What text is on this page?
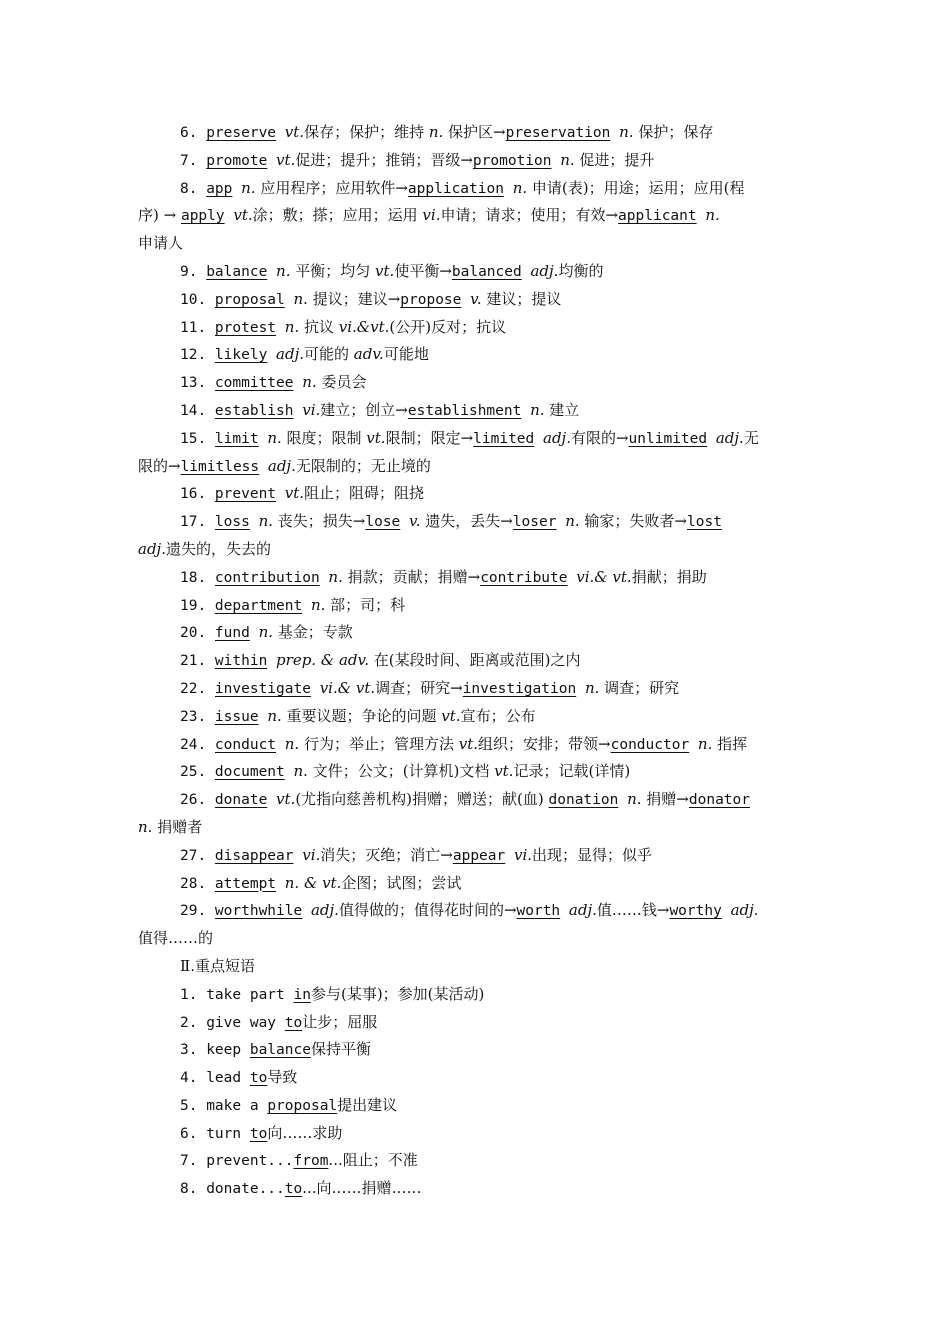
6. preserve vt.保存；保护；维持 n. 保护区→preservation n. 保护；保存
7. promote vt.促进；提升；推销；晋级→promotion n. 促进；提升
8. app n. 应用程序；应用软件→application n. 申请(表)；用途；运用；应用(程
序) → apply vt.涂；敷；搽；应用；运用 vi.申请；请求；使用；有效→applicant n.
申请人
9. balance n. 平衡；均匀 vt.使平衡→balanced adj.均衡的
10. proposal n. 提议；建议→propose v. 建议；提议
11. protest n. 抗议 vi.&vt.(公开)反对；抗议
12. likely adj.可能的 adv.可能地
13. committee n. 委员会
14. establish vi.建立；创立→establishment n. 建立
15. limit n. 限度；限制 vt.限制；限定→limited adj.有限的→unlimited adj.无
限的→limitless adj.无限制的；无止境的
16. prevent vt.阻止；阻碍；阻挠
17. loss n. 丧失；损失→lose v. 遗失，丢失→loser n. 输家；失败者→lost
adj.遗失的，失去的
18. contribution n. 捐款；贡献；捐赠→contribute vi.& vt.捐献；捐助
19. department n. 部；司；科
20. fund n. 基金；专款
21. within prep. & adv. 在(某段时间、距离或范围)之内
22. investigate vi.& vt.调查；研究→investigation n. 调查；研究
23. issue n. 重要议题；争论的问题 vt.宣布；公布
24. conduct n. 行为；举止；管理方法 vt.组织；安排；带领→conductor n. 指挥
25. document n. 文件；公文；(计算机)文档 vt.记录；记载(详情)
26. donate vt.(尤指向慈善机构)捐赠；赠送；献(血) donation n. 捐赠→donator
n. 捐赠者
27. disappear vi.消失；灭绝；消亡→appear vi.出现；显得；似乎
28. attempt n. & vt.企图；试图；尝试
29. worthwhile adj.值得做的；值得花时间的→worth adj.值……钱→worthy adj.
值得……的
Ⅱ.重点短语
1. take part in参与(某事)；参加(某活动)
2. give way to让步；屈服
3. keep balance保持平衡
4. lead to导致
5. make a proposal提出建议
6. turn to向……求助
7. prevent...from...阻止；不准
8. donate...to...向……捐赠……
